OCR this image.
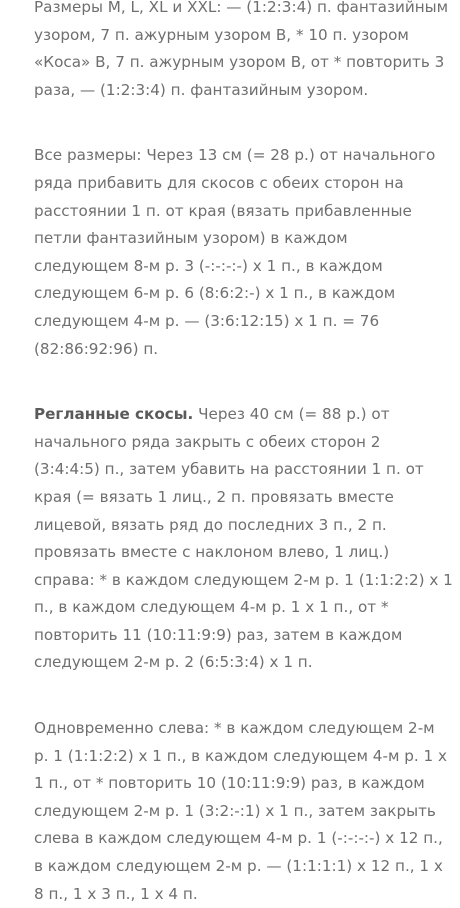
Размеры M, L, XL и XXL: — (1:2:3:4) п. фантазийным
узором, 7 п. ажурным узором В, * 10 п. узором
«Коса» В, 7 п. ажурным узором В, от * повторить 3
раза, — (1:2:3:4) п. фантазийным узором.

Все размеры: Через 13 см (= 28 р.) от начального
ряда прибавить для скосов с обеих сторон на
расстоянии 1 п. от края (вязать прибавленные
петли фантазийным узором) в каждом
следующем 8-м р. 3 (-:-:-:-) х 1 п., в каждом
следующем 6-м р. 6 (8:6:2:-) х 1 п., в каждом
следующем 4-м р. — (3:6:12:15) х 1 п. = 76
(82:86:92:96) п.

Регланные скосы. Через 40 см (= 88 р.) от
начального ряда закрыть с обеих сторон 2
(3:4:4:5) п., затем убавить на расстоянии 1 п. от
края (= вязать 1 лиц., 2 п. провязать вместе
лицевой, вязать ряд до последних 3 п., 2 п.
провязать вместе с наклоном влево, 1 лиц.)
справа: * в каждом следующем 2-м р. 1 (1:1:2:2) х 1
п., в каждом следующем 4-м р. 1 х 1 п., от *
повторить 11 (10:11:9:9) раз, затем в каждом
следующем 2-м р. 2 (6:5:3:4) х 1 п.

Одновременно слева: * в каждом следующем 2-м
р. 1 (1:1:2:2) х 1 п., в каждом следующем 4-м р. 1 х
1 п., от * повторить 10 (10:11:9:9) раз, в каждом
следующем 2-м р. 1 (3:2:-:1) х 1 п., затем закрыть
слева в каждом следующем 4-м р. 1 (-:-:-:-) х 12 п.,
в каждом следующем 2-м р. — (1:1:1:1) х 12 п., 1 х
8 п., 1 х 3 п., 1 х 4 п.
